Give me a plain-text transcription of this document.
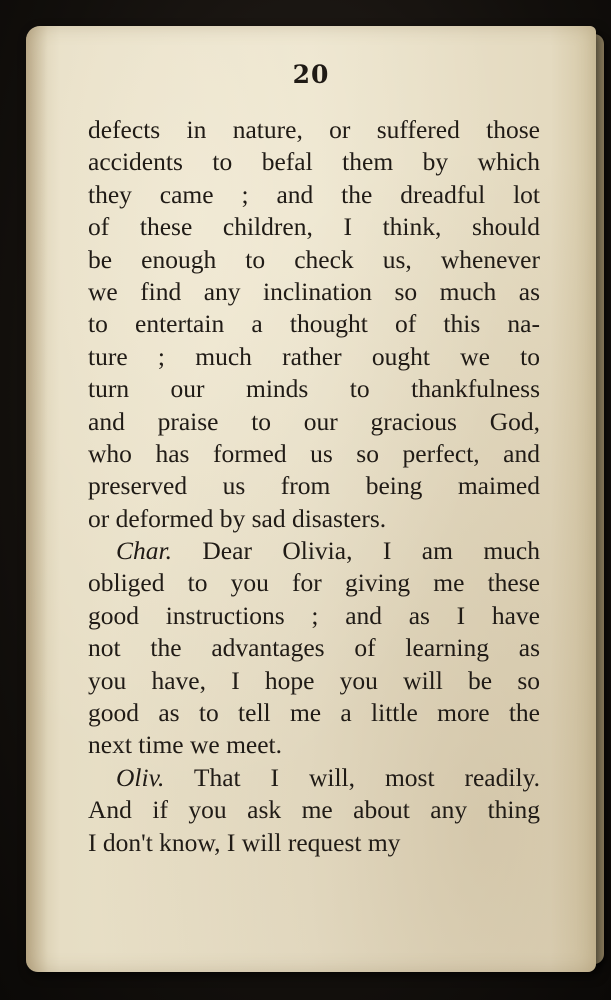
20
defects in nature, or suffered those
accidents to befal them by which
they came ; and the dreadful lot
of these children, I think, should
be enough to check us, whenever
we find any inclination so much as
to entertain a thought of this na-
ture ; much rather ought we to
turn our minds to thankfulness
and praise to our gracious God,
who has formed us so perfect, and
preserved us from being maimed
or deformed by sad disasters.
Char. Dear Olivia, I am much
obliged to you for giving me these
good instructions ; and as I have
not the advantages of learning as
you have, I hope you will be so
good as to tell me a little more the
next time we meet.
Oliv. That I will, most readily.
And if you ask me about any thing
I don't know, I will request my
